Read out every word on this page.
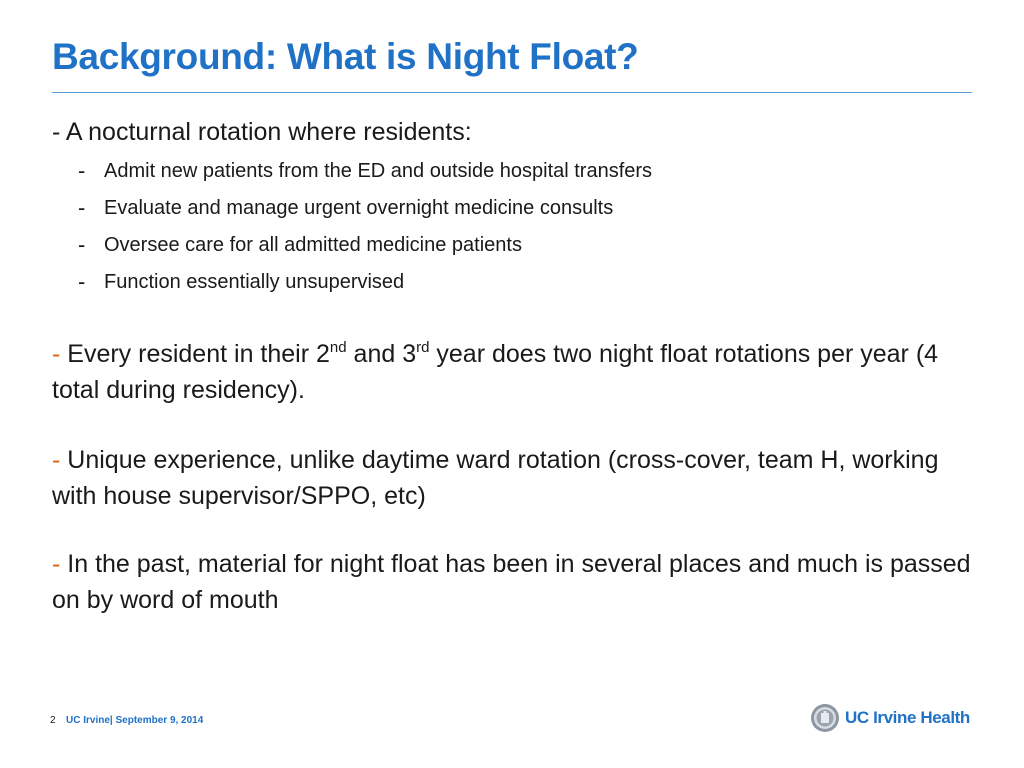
Background: What is Night Float?
- A nocturnal rotation where residents:
- Admit new patients from the ED and outside hospital transfers
- Evaluate and manage urgent overnight medicine consults
- Oversee care for all admitted medicine patients
- Function essentially unsupervised
- Every resident in their 2nd and 3rd year does two night float rotations per year (4 total during residency).
- Unique experience, unlike daytime ward rotation (cross-cover, team H, working with house supervisor/SPPO, etc)
- In the past, material for night float has been in several places and much is passed on by word of mouth
2 UC Irvine| September 9, 2014	UC Irvine Health
